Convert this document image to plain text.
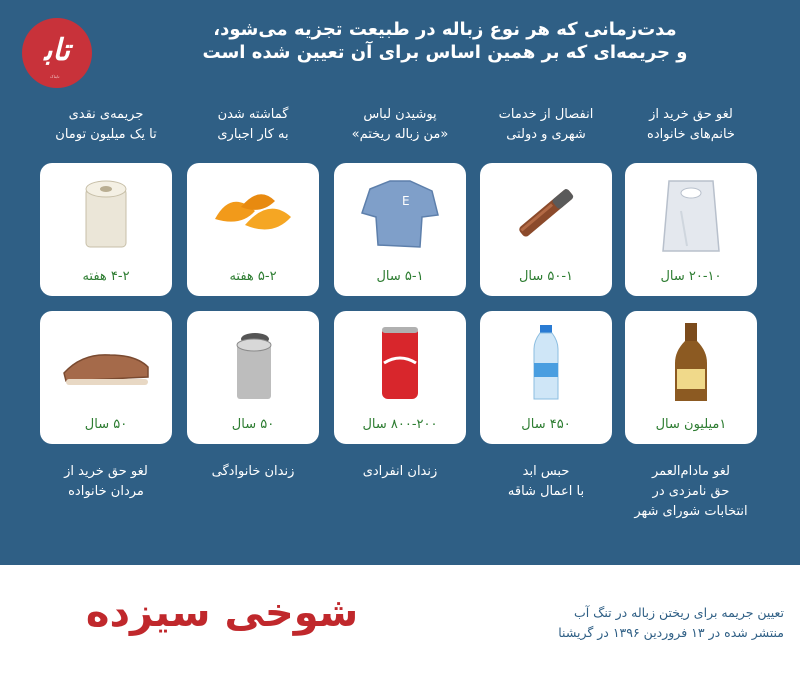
ﺗﺎﺑ
تابناک
مدت‌زمانی که هر نوع زباله در طبیعت تجزیه می‌شود،
و جریمه‌ای که بر همین اساس برای آن تعیین شده است
لغو حق خرید از
خانم‌های خانواده
انفصال از خدمات
شهری و دولتی
پوشیدن لباس
«من زباله ریختم»
گماشته شدن
به کار اجباری
جریمه‌ی نقدی
تا یک میلیون تومان
۲۰-۱۰ سال
۵۰-۱ سال
E
۵-۱ سال
۵-۲ هفته
۴-۲ هفته
۱میلیون سال
۴۵۰ سال
۸۰۰-۲۰۰ سال
۵۰ سال
۵۰ سال
لغو مادام‌العمر
حق نامزدی در
انتخابات شورای شهر
حبس ابد
با اعمال شاقه
زندان انفرادی
زندان خانوادگی
لغو حق خرید از
مردان خانواده
شوخی سیزده	تعیین جریمه برای ریختن زباله در تنگ آب
منتشر شده در ۱۳ فروردین ۱۳۹۶ در گریشنا
